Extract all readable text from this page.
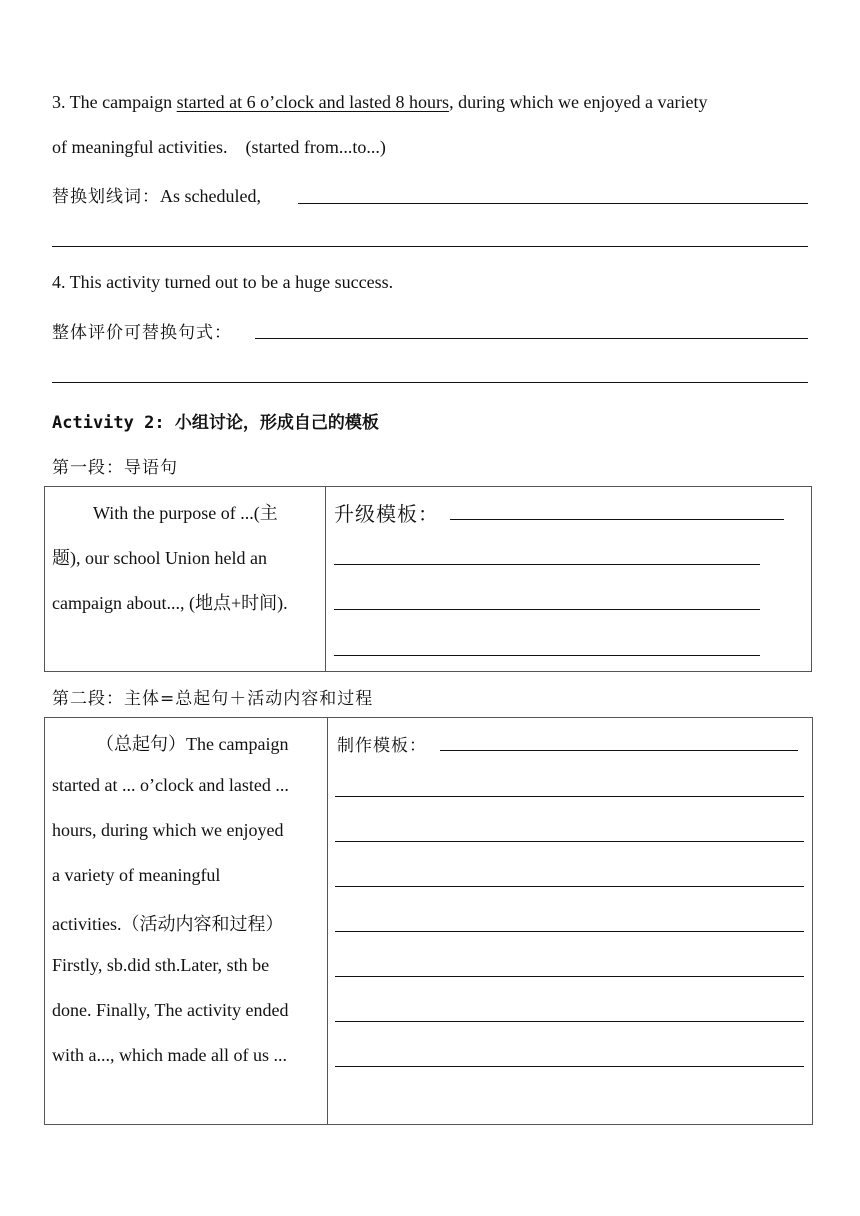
3. The campaign started at 6 o’clock and lasted 8 hours, during which we enjoyed a variety
of meaningful activities.    (started from...to...)
替换划线词：As scheduled,
4. This activity turned out to be a huge success.
整体评价可替换句式：
Activity 2: 小组讨论，形成自己的模板
第一段：导语句
With the purpose of ...(主
题), our school Union held an
campaign about..., (地点+时间).
升级模板：
第二段：主体=总起句＋活动内容和过程
（总起句）The campaign
started at ... o’clock and lasted ...
hours, during which we enjoyed
a variety of meaningful
activities.（活动内容和过程）
Firstly, sb.did sth.Later, sth be
done. Finally, The activity ended
with a..., which made all of us ...
制作模板：
